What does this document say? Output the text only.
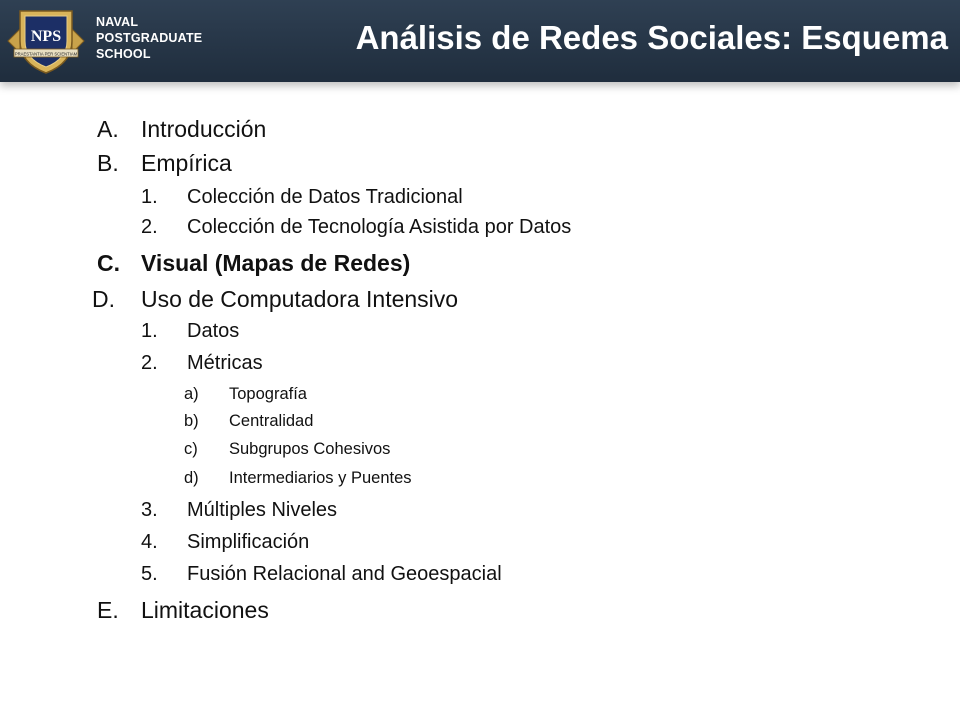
NPS
PRAESTANTIA PER SCIENTIAM
NAVAL
POSTGRADUATE
SCHOOL	Análisis de Redes Sociales: Esquema
A. Introducción
B. Empírica
1. Colección de Datos Tradicional
2. Colección de Tecnología Asistida por Datos
C. Visual (Mapas de Redes)
D. Uso de Computadora Intensivo
1. Datos
2. Métricas
a) Topografía
b) Centralidad
c) Subgrupos Cohesivos
d) Intermediarios y Puentes
3. Múltiples Niveles
4. Simplificación
5. Fusión Relacional and Geoespacial
E. Limitaciones
